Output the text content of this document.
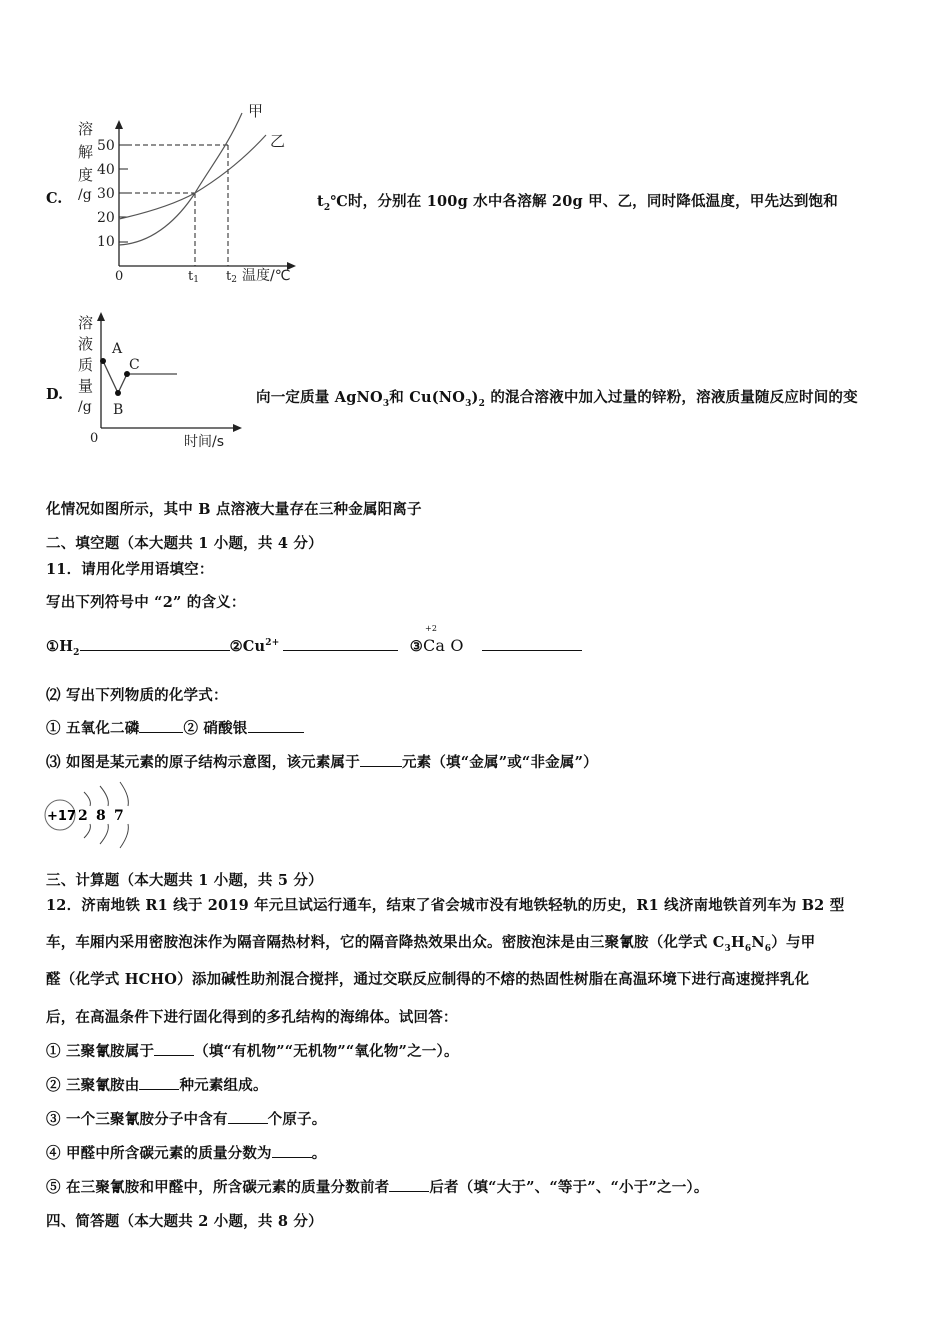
C.
溶
解
度
/g
50
40
30
20
10
甲
乙
0	t1 t2 温度/℃
$t_2℃$时，分别在 100g 水中各溶解 20g 甲、乙，同时降低温度，甲先达到饱和
D.
溶
液
质
量
/g
A
B
C
0	时间/s
向一定质量 AgNO$_3$和 $Cu(NO_3)_2$ 的混合溶液中加入过量的锌粉，溶液质量随反应时间的变
化情况如图所示，其中 B 点溶液大量存在三种金属阳离子
二、填空题（本大题共 1 小题，共 4 分）
11．请用化学用语填空：
写出下列符号中 “2” 的含义：
$①H_2$	$②Cu^{2+}$	③
+2
Ca O
⑵ 写出下列物质的化学式：
① 五氧化二磷	② 硝酸银
⑶ 如图是某元素的原子结构示意图，该元素属于	元素（填“金属”或“非金属”）
+17 2 8 7
三、计算题（本大题共 1 小题，共 5 分）
12．济南地铁 R1 线于 2019 年元旦试运行通车，结束了省会城市没有地铁轻轨的历史，R1 线济南地铁首列车为 B2 型
车，车厢内采用密胺泡沫作为隔音隔热材料，它的隔音降热效果出众。密胺泡沫是由三聚氰胺（化学式 $C_3H_6N_6$）与甲
醛（化学式 HCHO）添加碱性助剂混合搅拌，通过交联反应制得的不熔的热固性树脂在高温环境下进行高速搅拌乳化
后，在高温条件下进行固化得到的多孔结构的海绵体。试回答：
① 三聚氰胺属于	（填“有机物”“无机物”“氧化物”之一）。
② 三聚氰胺由	种元素组成。
③ 一个三聚氰胺分子中含有	个原子。
④ 甲醛中所含碳元素的质量分数为	。
⑤ 在三聚氰胺和甲醛中，所含碳元素的质量分数前者	后者（填“大于”、“等于”、“小于”之一）。
四、简答题（本大题共 2 小题，共 8 分）
